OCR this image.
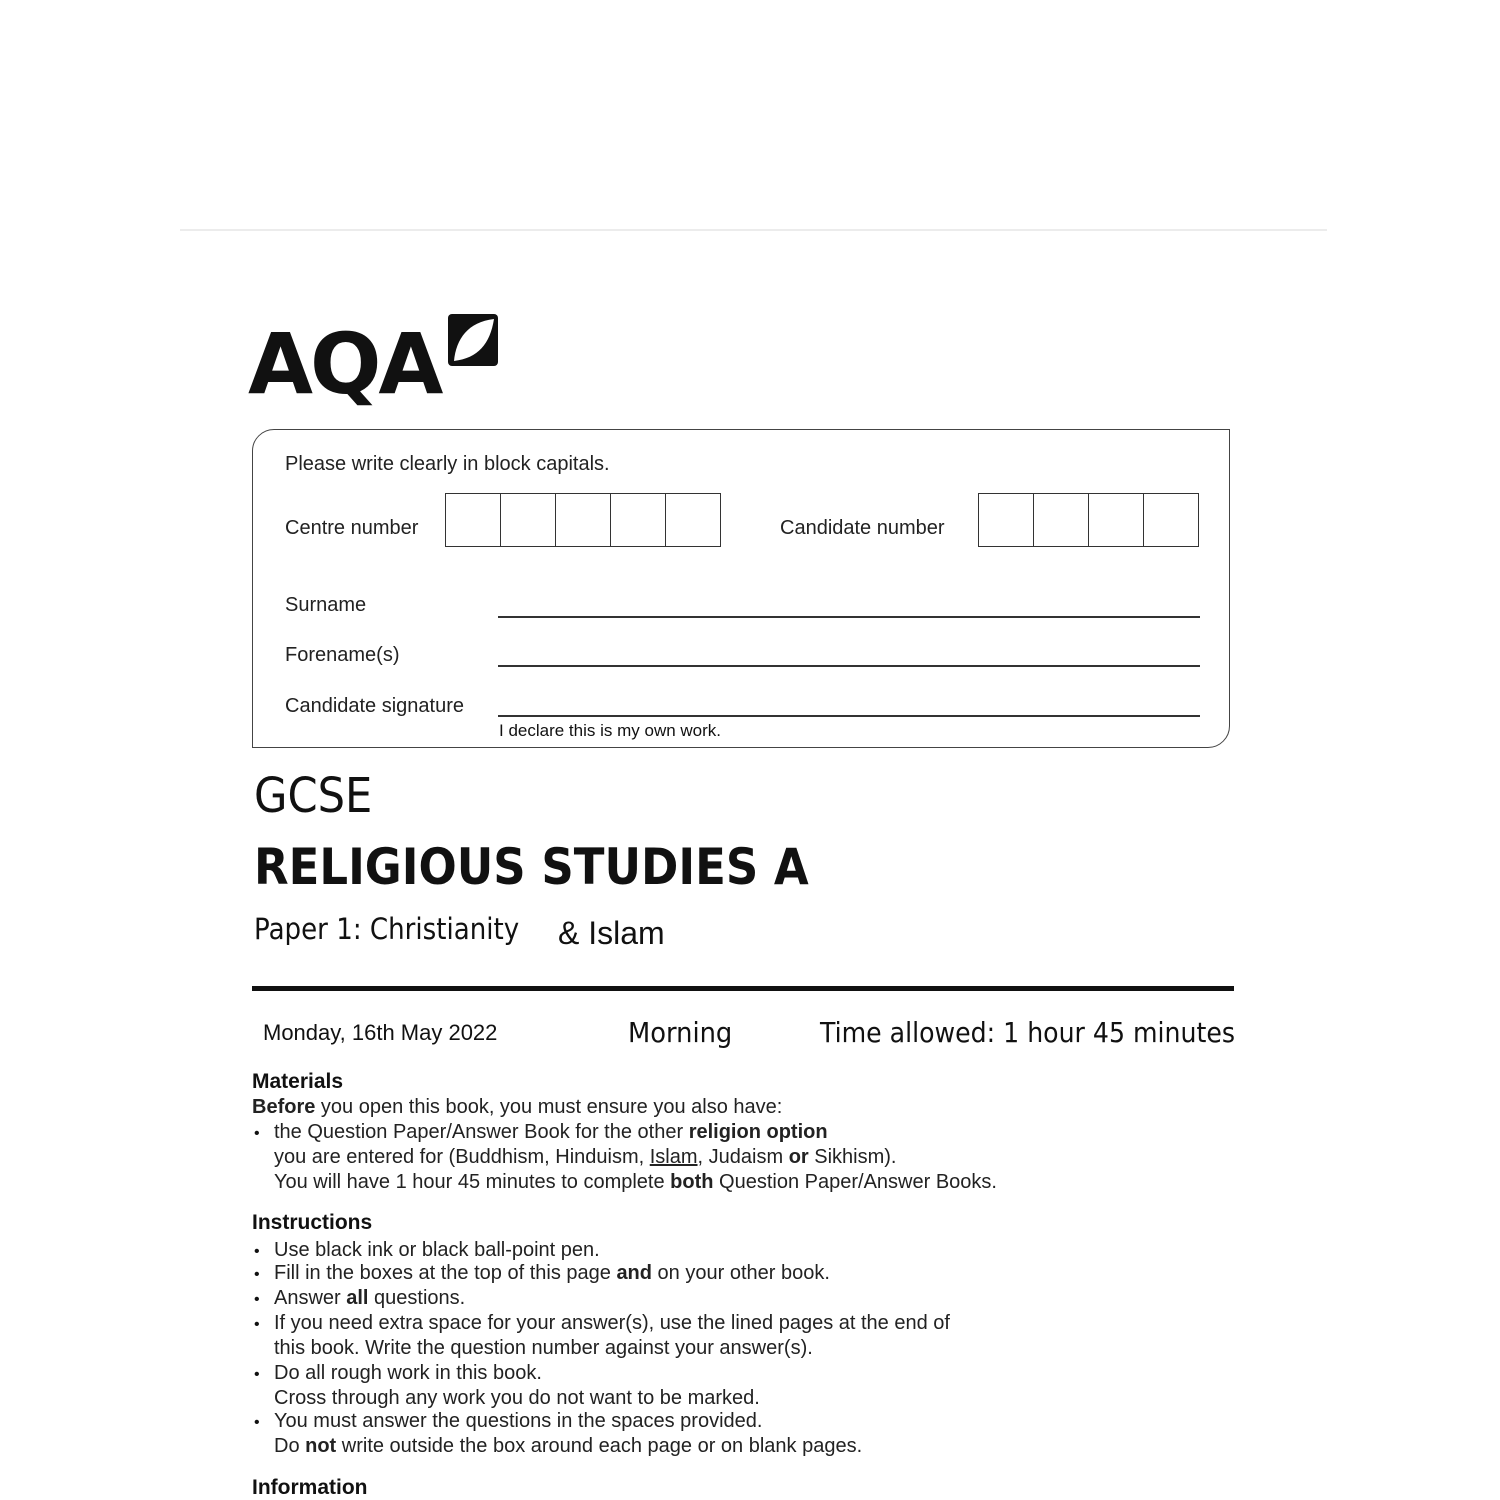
AQA
Please write clearly in block capitals.
Centre number	Candidate number
Surname
Forename(s)
Candidate signature
I declare this is my own work.
GCSE
RELIGIOUS STUDIES A
Paper 1: Christianity & Islam
Monday, 16th May 2022	Morning	Time allowed: 1 hour 45 minutes
Materials
Before you open this book, you must ensure you also have:
• the Question Paper/Answer Book for the other religion option
you are entered for (Buddhism, Hinduism, Islam, Judaism or Sikhism).
You will have 1 hour 45 minutes to complete both Question Paper/Answer Books.
Instructions
• Use black ink or black ball-point pen.
• Fill in the boxes at the top of this page and on your other book.
• Answer all questions.
• If you need extra space for your answer(s), use the lined pages at the end of
this book. Write the question number against your answer(s).
• Do all rough work in this book.
Cross through any work you do not want to be marked.
• You must answer the questions in the spaces provided.
Do not write outside the box around each page or on blank pages.
Information
